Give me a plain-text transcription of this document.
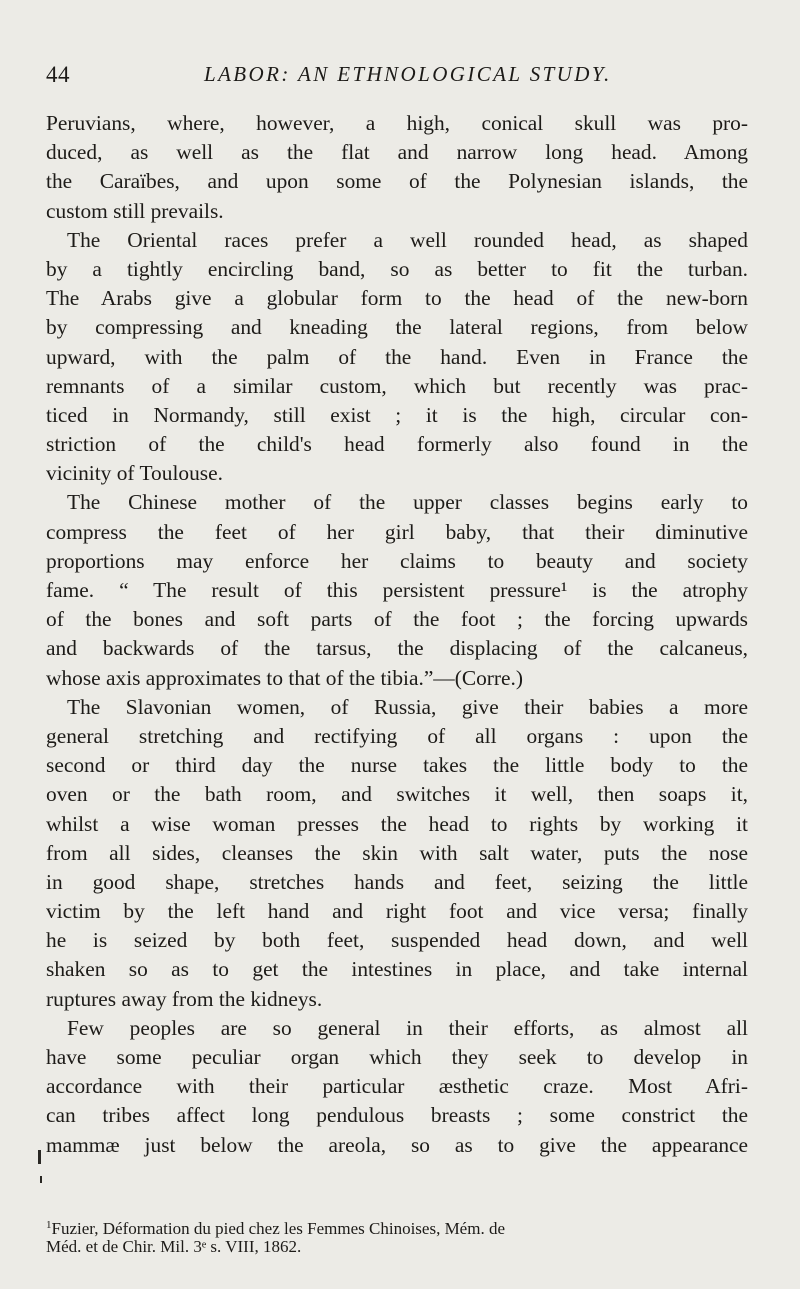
44	LABOR: AN ETHNOLOGICAL STUDY.
Peruvians, where, however, a high, conical skull was pro-
duced, as well as the flat and narrow long head. Among
the Caraïbes, and upon some of the Polynesian islands, the
custom still prevails.
The Oriental races prefer a well rounded head, as shaped
by a tightly encircling band, so as better to fit the turban.
The Arabs give a globular form to the head of the new-born
by compressing and kneading the lateral regions, from below
upward, with the palm of the hand. Even in France the
remnants of a similar custom, which but recently was prac-
ticed in Normandy, still exist ; it is the high, circular con-
striction of the child's head formerly also found in the
vicinity of Toulouse.
The Chinese mother of the upper classes begins early to
compress the feet of her girl baby, that their diminutive
proportions may enforce her claims to beauty and society
fame. “ The result of this persistent pressure¹ is the atrophy
of the bones and soft parts of the foot ; the forcing upwards
and backwards of the tarsus, the displacing of the calcaneus,
whose axis approximates to that of the tibia.”—(Corre.)
The Slavonian women, of Russia, give their babies a more
general stretching and rectifying of all organs : upon the
second or third day the nurse takes the little body to the
oven or the bath room, and switches it well, then soaps it,
whilst a wise woman presses the head to rights by working it
from all sides, cleanses the skin with salt water, puts the nose
in good shape, stretches hands and feet, seizing the little
victim by the left hand and right foot and vice versa; finally
he is seized by both feet, suspended head down, and well
shaken so as to get the intestines in place, and take internal
ruptures away from the kidneys.
Few peoples are so general in their efforts, as almost all
have some peculiar organ which they seek to develop in
accordance with their particular æsthetic craze. Most Afri-
can tribes affect long pendulous breasts ; some constrict the
mammæ just below the areola, so as to give the appearance
$^1$Fuzier, Déformation du pied chez les Femmes Chinoises, Mém. de
Méd. et de Chir. Mil. 3ᵉ s. VIII, 1862.
